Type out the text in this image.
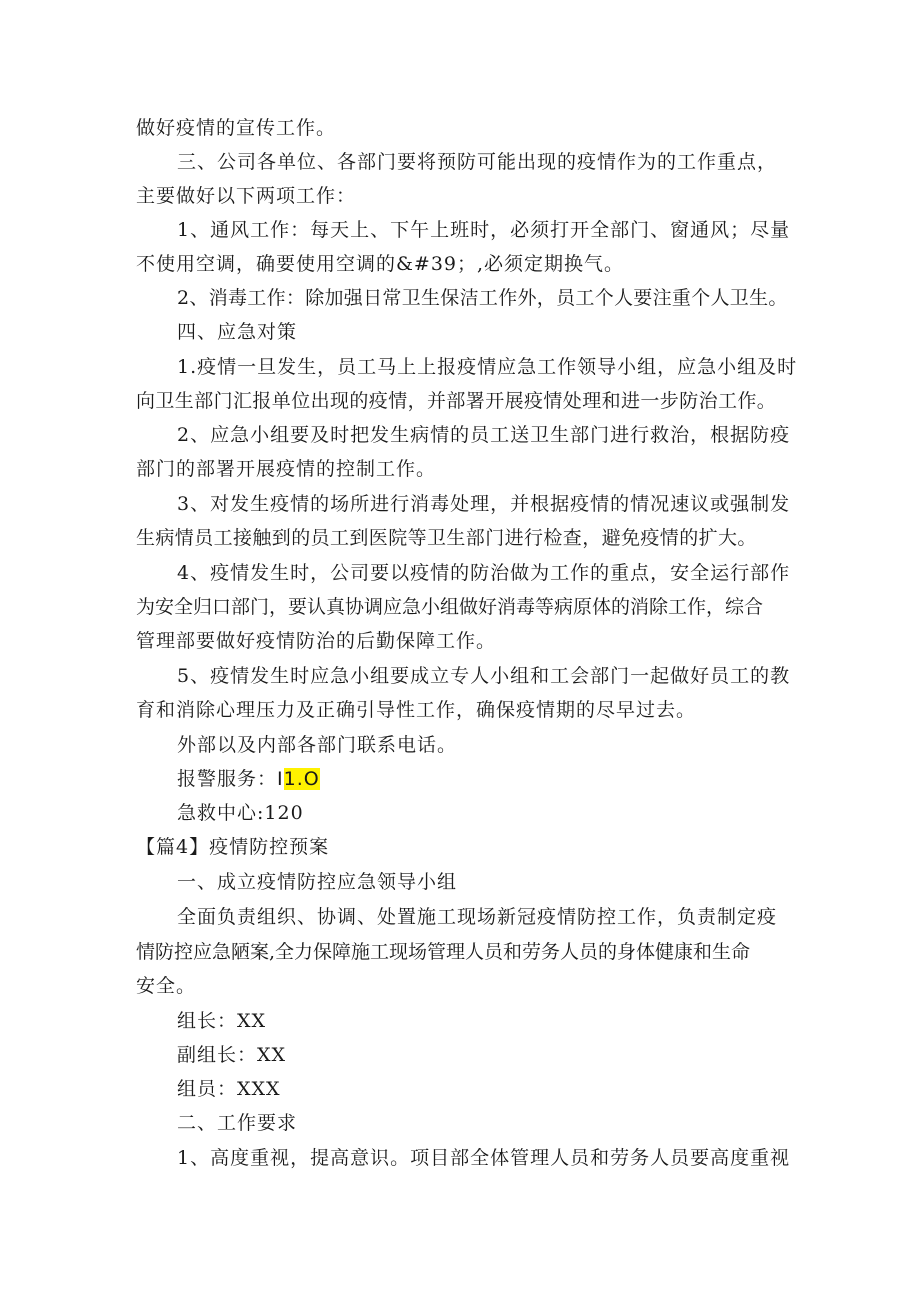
做好疫情的宣传工作。
三、公司各单位、各部门要将预防可能出现的疫情作为的工作重点，
主要做好以下两项工作：
1、通风工作：每天上、下午上班时，必须打开全部门、窗通风；尽量
不使用空调，确要使用空调的&#39；,必须定期换气。
2、消毒工作：除加强日常卫生保洁工作外，员工个人要注重个人卫生。
四、应急对策
1.疫情一旦发生，员工马上上报疫情应急工作领导小组，应急小组及时
向卫生部门汇报单位出现的疫情，并部署开展疫情处理和进一步防治工作。
2、应急小组要及时把发生病情的员工送卫生部门进行救治，根据防疫
部门的部署开展疫情的控制工作。
3、对发生疫情的场所进行消毒处理，并根据疫情的情况速议或强制发
生病情员工接触到的员工到医院等卫生部门进行检查，避免疫情的扩大。
4、疫情发生时，公司要以疫情的防治做为工作的重点，安全运行部作
为安全归口部门，要认真协调应急小组做好消毒等病原体的消除工作，综合
管理部要做好疫情防治的后勤保障工作。
5、疫情发生时应急小组要成立专人小组和工会部门一起做好员工的教
育和消除心理压力及正确引导性工作，确保疫情期的尽早过去。
外部以及内部各部门联系电话。
报警服务：I1.O
急救中心:120
【篇4】疫情防控预案
一、成立疫情防控应急领导小组
全面负责组织、协调、处置施工现场新冠疫情防控工作，负责制定疫
情防控应急陋案,全力保障施工现场管理人员和劳务人员的身体健康和生命
安全。
组长：XX
副组长：XX
组员：XXX
二、工作要求
1、高度重视，提高意识。项目部全体管理人员和劳务人员要高度重视
